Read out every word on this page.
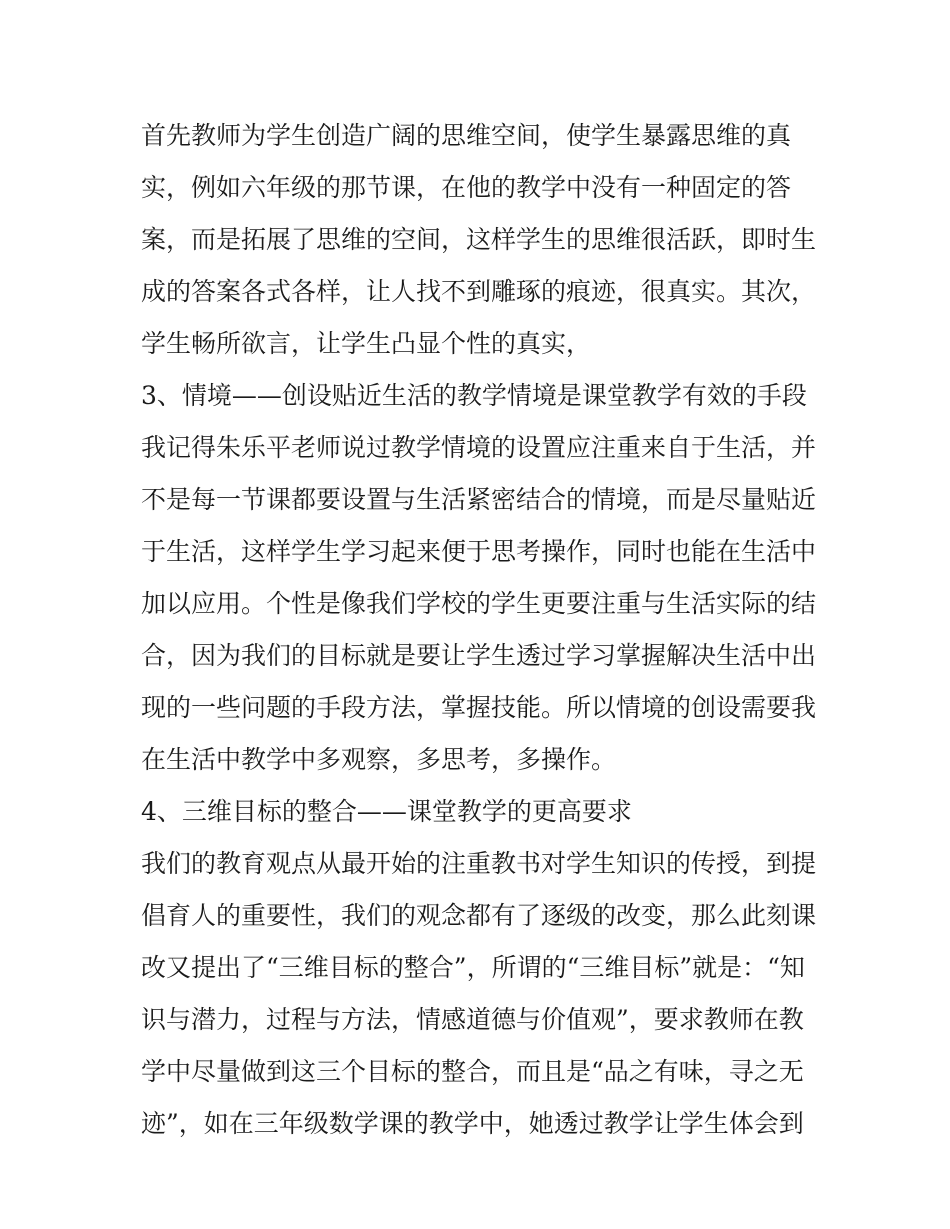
首先教师为学生创造广阔的思维空间，使学生暴露思维的真
实，例如六年级的那节课，在他的教学中没有一种固定的答
案，而是拓展了思维的空间，这样学生的思维很活跃，即时生
成的答案各式各样，让人找不到雕琢的痕迹，很真实。其次，
学生畅所欲言，让学生凸显个性的真实，
3、情境——创设贴近生活的教学情境是课堂教学有效的手段
我记得朱乐平老师说过教学情境的设置应注重来自于生活，并
不是每一节课都要设置与生活紧密结合的情境，而是尽量贴近
于生活，这样学生学习起来便于思考操作，同时也能在生活中
加以应用。个性是像我们学校的学生更要注重与生活实际的结
合，因为我们的目标就是要让学生透过学习掌握解决生活中出
现的一些问题的手段方法，掌握技能。所以情境的创设需要我
在生活中教学中多观察，多思考，多操作。
4、三维目标的整合——课堂教学的更高要求
我们的教育观点从最开始的注重教书对学生知识的传授，到提
倡育人的重要性，我们的观念都有了逐级的改变，那么此刻课
改又提出了“三维目标的整合”，所谓的“三维目标”就是：“知
识与潜力，过程与方法，情感道德与价值观”，要求教师在教
学中尽量做到这三个目标的整合，而且是“品之有味，寻之无
迹”，如在三年级数学课的教学中，她透过教学让学生体会到
